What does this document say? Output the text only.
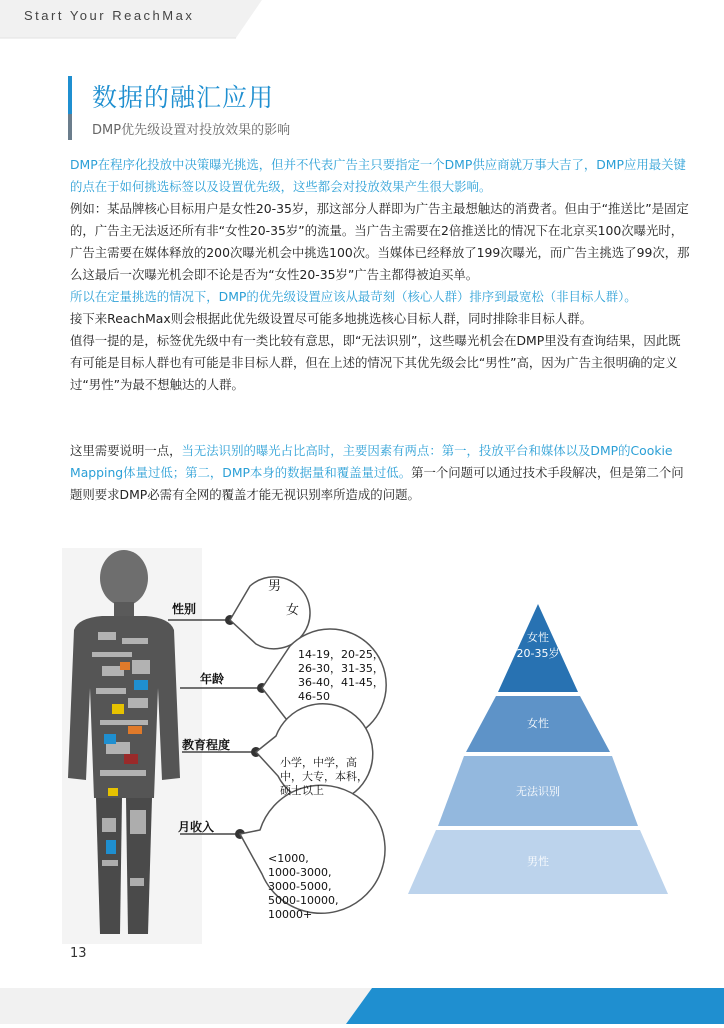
Start Your ReachMax
数据的融汇应用
DMP优先级设置对投放效果的影响

DMP在程序化投放中决策曝光挑选，但并不代表广告主只要指定一个DMP供应商就万事大吉了，DMP应用最关键的点在于如何挑选标签以及设置优先级，这些都会对投放效果产生很大影响。
例如：某品牌核心目标用户是女性20-35岁，那这部分人群即为广告主最想触达的消费者。但由于“推送比”是固定的，广告主无法返还所有非“女性20-35岁”的流量。当广告主需要在2倍推送比的情况下在北京买100次曝光时，广告主需要在媒体释放的200次曝光机会中挑选100次。当媒体已经释放了199次曝光，而广告主挑选了99次，那么这最后一次曝光机会即不论是否为“女性20-35岁”广告主都得被迫买单。
所以在定量挑选的情况下，DMP的优先级设置应该从最苛刻（核心人群）排序到最宽松（非目标人群）。
接下来ReachMax则会根据此优先级设置尽可能多地挑选核心目标人群，同时排除非目标人群。

值得一提的是，标签优先级中有一类比较有意思，即“无法识别”，这些曝光机会在DMP里没有查询结果，因此既有可能是目标人群也有可能是非目标人群，但在上述的情况下其优先级会比“男性”高，因为广告主很明确的定义过“男性”为最不想触达的人群。

这里需要说明一点，当无法识别的曝光占比高时，主要因素有两点：第一，投放平台和媒体以及DMP的Cookie Mapping体量过低；第二，DMP本身的数据量和覆盖量过低。第一个问题可以通过技术手段解决，但是第二个问题则要求DMP必需有全网的覆盖才能无视识别率所造成的问题。

性别
男
女
年龄
14-19，20-25，
26-30，31-35，
36-40，41-45，
46-50
教育程度
小学，中学，高
中，大专，本科，
硕士以上
月收入
<1000,
1000-3000,
3000-5000,
5000-10000,
10000+
女性
20-35岁
女性
无法识别
男性
13
